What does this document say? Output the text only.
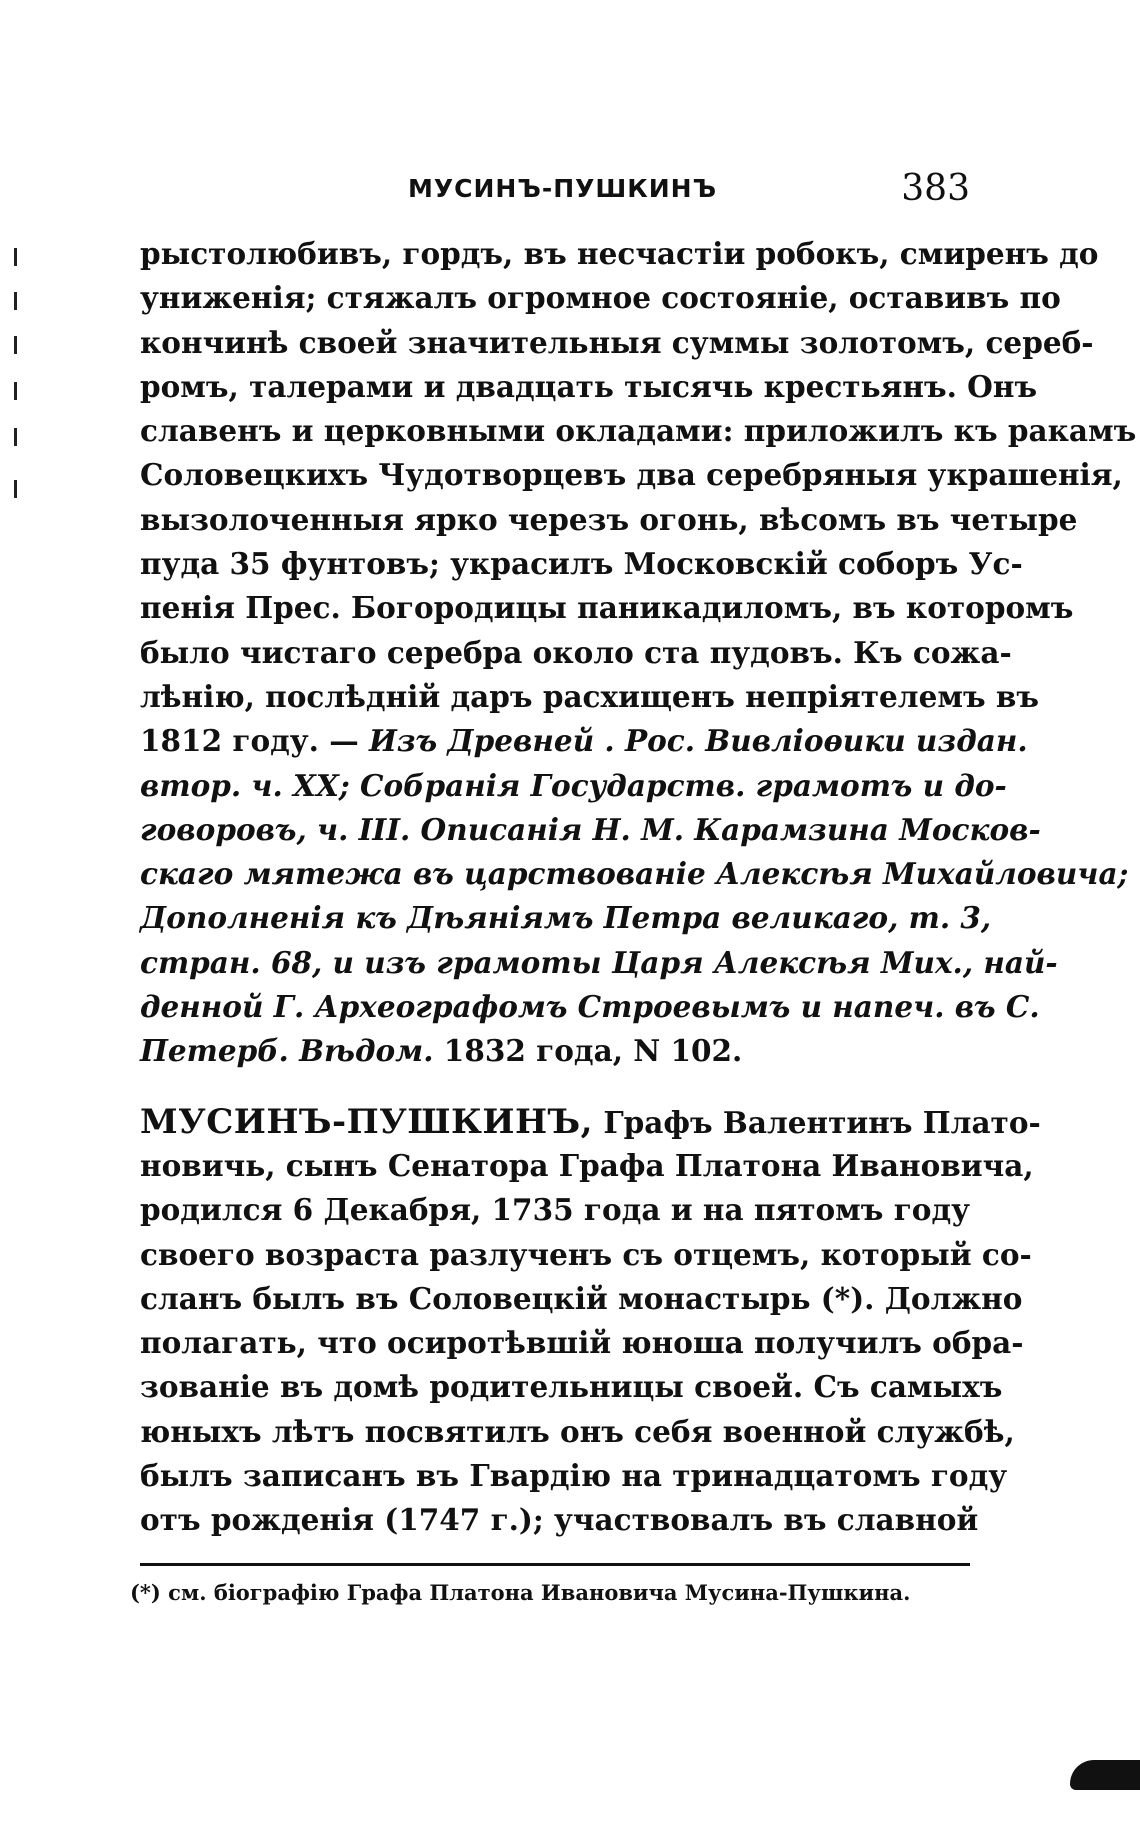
МУСИНЪ-ПУШКИНЪ	383
рыстолюбивъ, гордъ, въ несчастіи робокъ, смиренъ до
униженія; стяжалъ огромное состояніе, оставивъ по
кончинѣ своей значительныя суммы золотомъ, сереб-
ромъ, талерами и двадцать тысячь крестьянъ. Онъ
славенъ и церковными окладами: приложилъ къ ракамъ
Соловецкихъ Чудотворцевъ два серебряныя украшенія,
вызолоченныя ярко черезъ огонь, вѣсомъ въ четыре
пуда 35 фунтовъ; украсилъ Московскій соборъ Ус-
пенія Прес. Богородицы паникадиломъ, въ которомъ
было чистаго серебра около ста пудовъ. Къ сожа-
лѣнію, послѣдній даръ расхищенъ непріятелемъ въ
1812 году. — Изъ Древней . Рос. Вивліоѳики издан.
втор. ч. XX; Собранія Государств. грамотъ и до-
говоровъ, ч. III. Описанія Н. М. Карамзина Москов-
скаго мятежа въ царствованіе Алексѣя Михайловича;
Дополненія къ Дѣяніямъ Петра великаго, т. 3,
стран. 68, и изъ грамоты Царя Алексѣя Мих., най-
денной Г. Археографомъ Строевымъ и напеч. въ С.
Петерб. Вѣдом. 1832 года, N 102.
МУСИНЪ-ПУШКИНЪ, Графъ Валентинъ Плато-
новичь, сынъ Сенатора Графа Платона Ивановича,
родился 6 Декабря, 1735 года и на пятомъ году
своего возраста разлученъ съ отцемъ, который со-
сланъ былъ въ Соловецкій монастырь (*). Должно
полагать, что осиротѣвшій юноша получилъ обра-
зованіе въ домѣ родительницы своей. Съ самыхъ
юныхъ лѣтъ посвятилъ онъ себя военной службѣ,
былъ записанъ въ Гвардію на тринадцатомъ году
отъ рожденія (1747 г.); участвовалъ въ славной
(*) см. біографію Графа Платона Ивановича Мусина-Пушкина.
